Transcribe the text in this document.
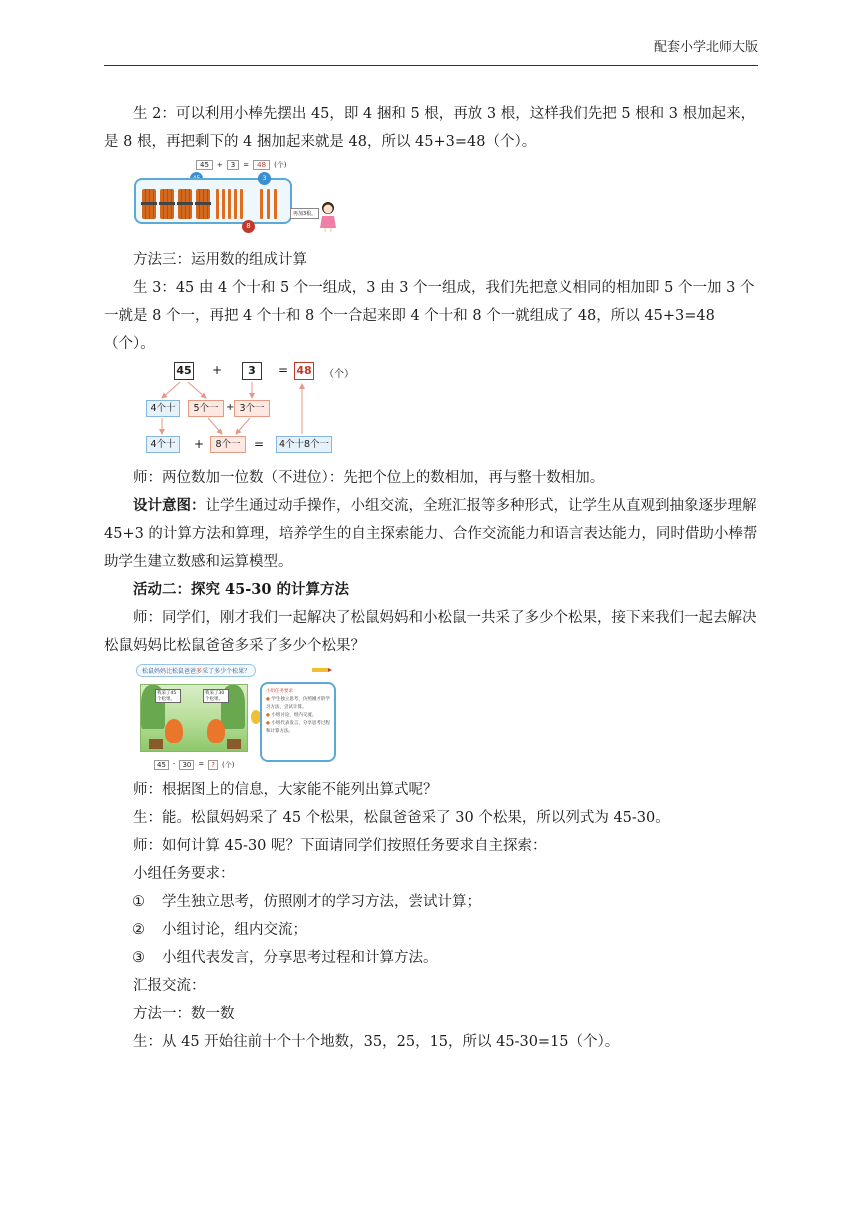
配套小学北师大版

生 2：可以利用小棒先摆出 45，即 4 捆和 5 根，再放 3 根，这样我们先把 5 根和 3 根加起来，是 8 根，再把剩下的 4 捆加起来就是 48，所以 45+3=48（个）。

45	+	3	=	48	(个)
3
8
再加3根。

方法三：运用数的组成计算

生 3：45 由 4 个十和 5 个一组成，3 由 3 个一组成，我们先把意义相同的相加即 5 个一加 3 个一就是 8 个一，再把 4 个十和 8 个一合起来即 4 个十和 8 个一就组成了 48，所以 45+3=48（个）。

45 +	3	= 48 （个）
4个十	5个一 + 3个一
4个十	+	8个一	=	4个十8个一

师：两位数加一位数（不进位）：先把个位上的数相加，再与整十数相加。

设计意图：让学生通过动手操作，小组交流，全班汇报等多种形式，让学生从直观到抽象逐步理解 45+3 的计算方法和算理，培养学生的自主探索能力、合作交流能力和语言表达能力，同时借助小棒帮助学生建立数感和运算模型。

活动二：探究 45-30 的计算方法

师：同学们，刚才我们一起解决了松鼠妈妈和小松鼠一共采了多少个松果，接下来我们一起去解决松鼠妈妈比松鼠爸爸多采了多少个松果？

松鼠妈妈比松鼠爸爸多采了多少个松果？
我采了45个松果。
我采了30个松果。
小组任务要求：
● 学生独立思考，仿照刚才的学习方法，尝试计算。
● 小组讨论，组内交流。
● 小组代表发言，分享思考过程和计算方法。
45	-	30	=	?	(个)

师：根据图上的信息，大家能不能列出算式呢？

生：能。松鼠妈妈采了 45 个松果，松鼠爸爸采了 30 个松果，所以列式为 45-30。

师：如何计算 45-30 呢？下面请同学们按照任务要求自主探索：

小组任务要求：

①	学生独立思考，仿照刚才的学习方法，尝试计算；

②	小组讨论，组内交流；

③	小组代表发言，分享思考过程和计算方法。

汇报交流：

方法一：数一数

生：从 45 开始往前十个十个地数，35，25，15，所以 45-30=15（个）。
